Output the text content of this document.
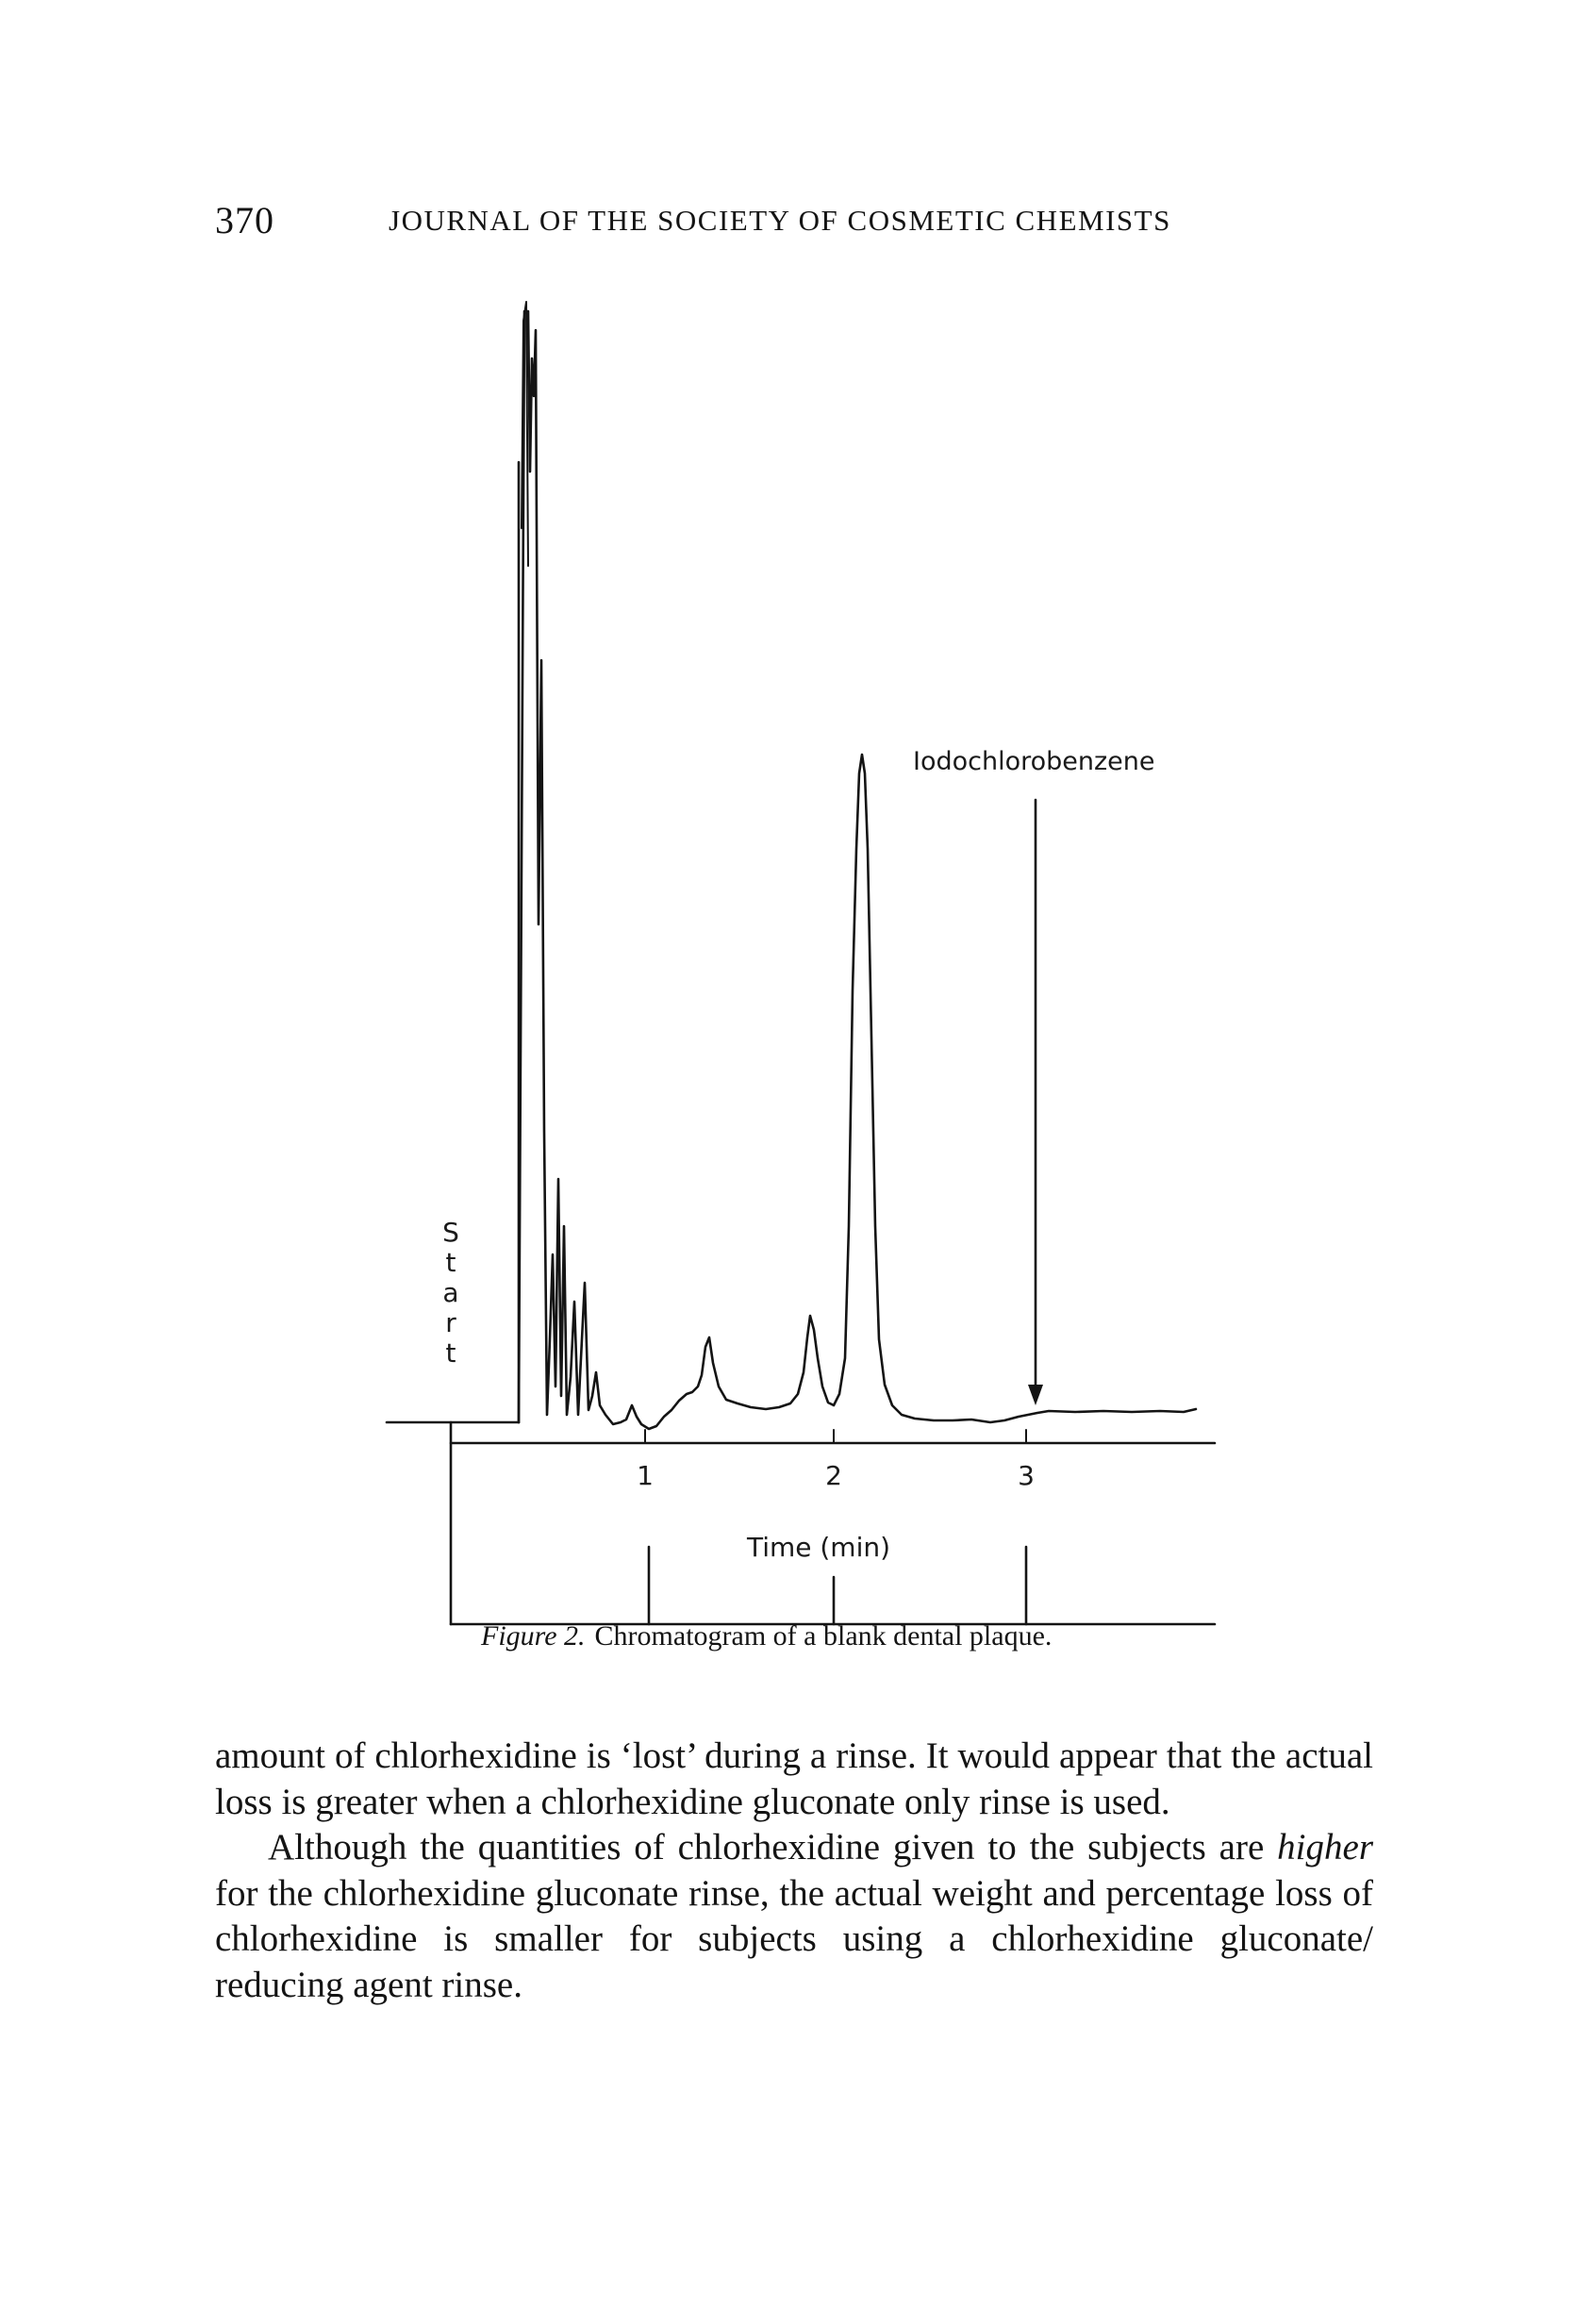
370	JOURNAL OF THE SOCIETY OF COSMETIC CHEMISTS
Iodochlorobenzene
S
t
a
r
t
1	2	3
Time (min)
Figure 2. Chromatogram of a blank dental plaque.

amount of chlorhexidine is ‘lost’ during a rinse. It would appear that the actual loss is greater when a chlorhexidine gluconate only rinse is used.

Although the quantities of chlorhexidine given to the subjects are higher for the chlorhexidine gluconate rinse, the actual weight and percentage loss of chlorhexidine is smaller for subjects using a chlorhexidine gluconate/ reducing agent rinse.
